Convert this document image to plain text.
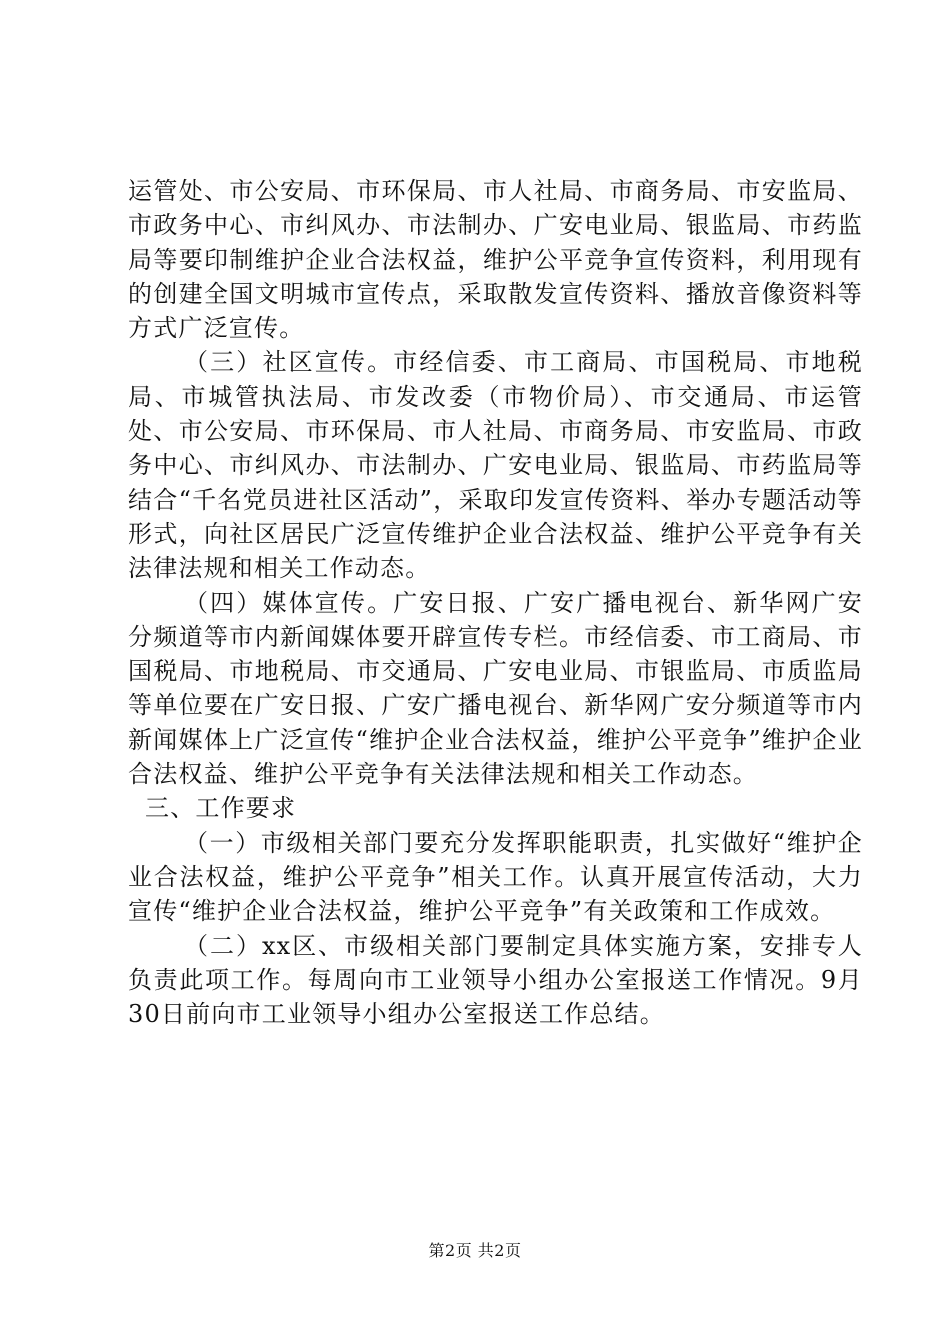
运管处、市公安局、市环保局、市人社局、市商务局、市安监局、市政务中心、市纠风办、市法制办、广安电业局、银监局、市药监局等要印制维护企业合法权益，维护公平竞争宣传资料，利用现有的创建全国文明城市宣传点，采取散发宣传资料、播放音像资料等方式广泛宣传。

（三）社区宣传。市经信委、市工商局、市国税局、市地税局、市城管执法局、市发改委（市物价局）、市交通局、市运管处、市公安局、市环保局、市人社局、市商务局、市安监局、市政务中心、市纠风办、市法制办、广安电业局、银监局、市药监局等结合“千名党员进社区活动”，采取印发宣传资料、举办专题活动等形式，向社区居民广泛宣传维护企业合法权益、维护公平竞争有关法律法规和相关工作动态。

（四）媒体宣传。广安日报、广安广播电视台、新华网广安分频道等市内新闻媒体要开辟宣传专栏。市经信委、市工商局、市国税局、市地税局、市交通局、广安电业局、市银监局、市质监局等单位要在广安日报、广安广播电视台、新华网广安分频道等市内新闻媒体上广泛宣传“维护企业合法权益，维护公平竞争”维护企业合法权益、维护公平竞争有关法律法规和相关工作动态。

三、工作要求

（一）市级相关部门要充分发挥职能职责，扎实做好“维护企业合法权益，维护公平竞争”相关工作。认真开展宣传活动，大力宣传“维护企业合法权益，维护公平竞争”有关政策和工作成效。

（二）xx区、市级相关部门要制定具体实施方案，安排专人负责此项工作。每周向市工业领导小组办公室报送工作情况。9月30日前向市工业领导小组办公室报送工作总结。

第2页 共2页
